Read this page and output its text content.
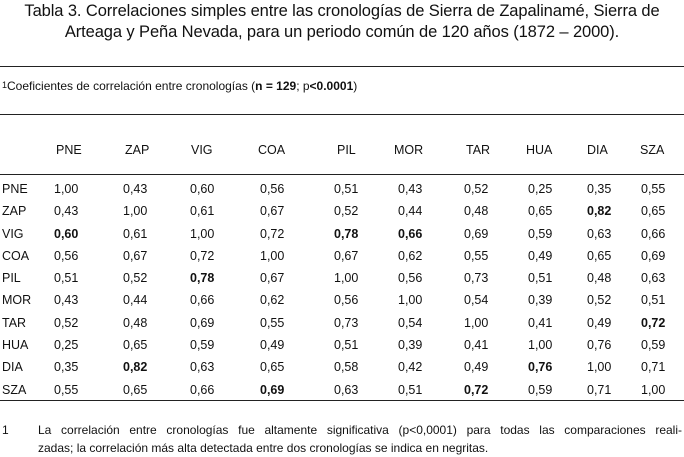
Tabla 3. Correlaciones simples entre las cronologías de Sierra de Zapalinamé, Sierra de
Arteaga y Peña Nevada, para un periodo común de 120 años (1872 – 2000).
$^1$Coeficientes de correlación entre cronologías (n = 129; p<0.0001)
PNE	ZAP	VIG	COA	PIL	MOR	TAR	HUA	DIA	SZA
PNE 1,00	0,43	0,60	0,56	0,51	0,43	0,52	0,25	0,35 0,55
ZAP 0,43	1,00	0,61	0,67	0,52	0,44	0,48	0,65	0,82 0,65
VIG 0,60	0,61	1,00	0,72	0,78	0,66	0,69	0,59	0,63 0,66
COA 0,56	0,67	0,72	1,00	0,67	0,62	0,55	0,49	0,65 0,69
PIL	0,51	0,52	0,78	0,67	1,00	0,56	0,73	0,51	0,48 0,63
MOR 0,43	0,44	0,66	0,62	0,56	1,00	0,54	0,39	0,52 0,51
TAR 0,52	0,48	0,69	0,55	0,73	0,54	1,00	0,41	0,49 0,72
HUA 0,25	0,65	0,59	0,49	0,51	0,39	0,41	1,00	0,76 0,59
DIA 0,35	0,82	0,63	0,65	0,58	0,42	0,49	0,76	1,00 0,71
SZA 0,55	0,65	0,66	0,69	0,63	0,51	0,72	0,59	0,71 1,00
1 La correlación entre cronologías fue altamente significativa (p<0,0001) para todas las comparaciones reali-
zadas; la correlación más alta detectada entre dos cronologías se indica en negritas.
